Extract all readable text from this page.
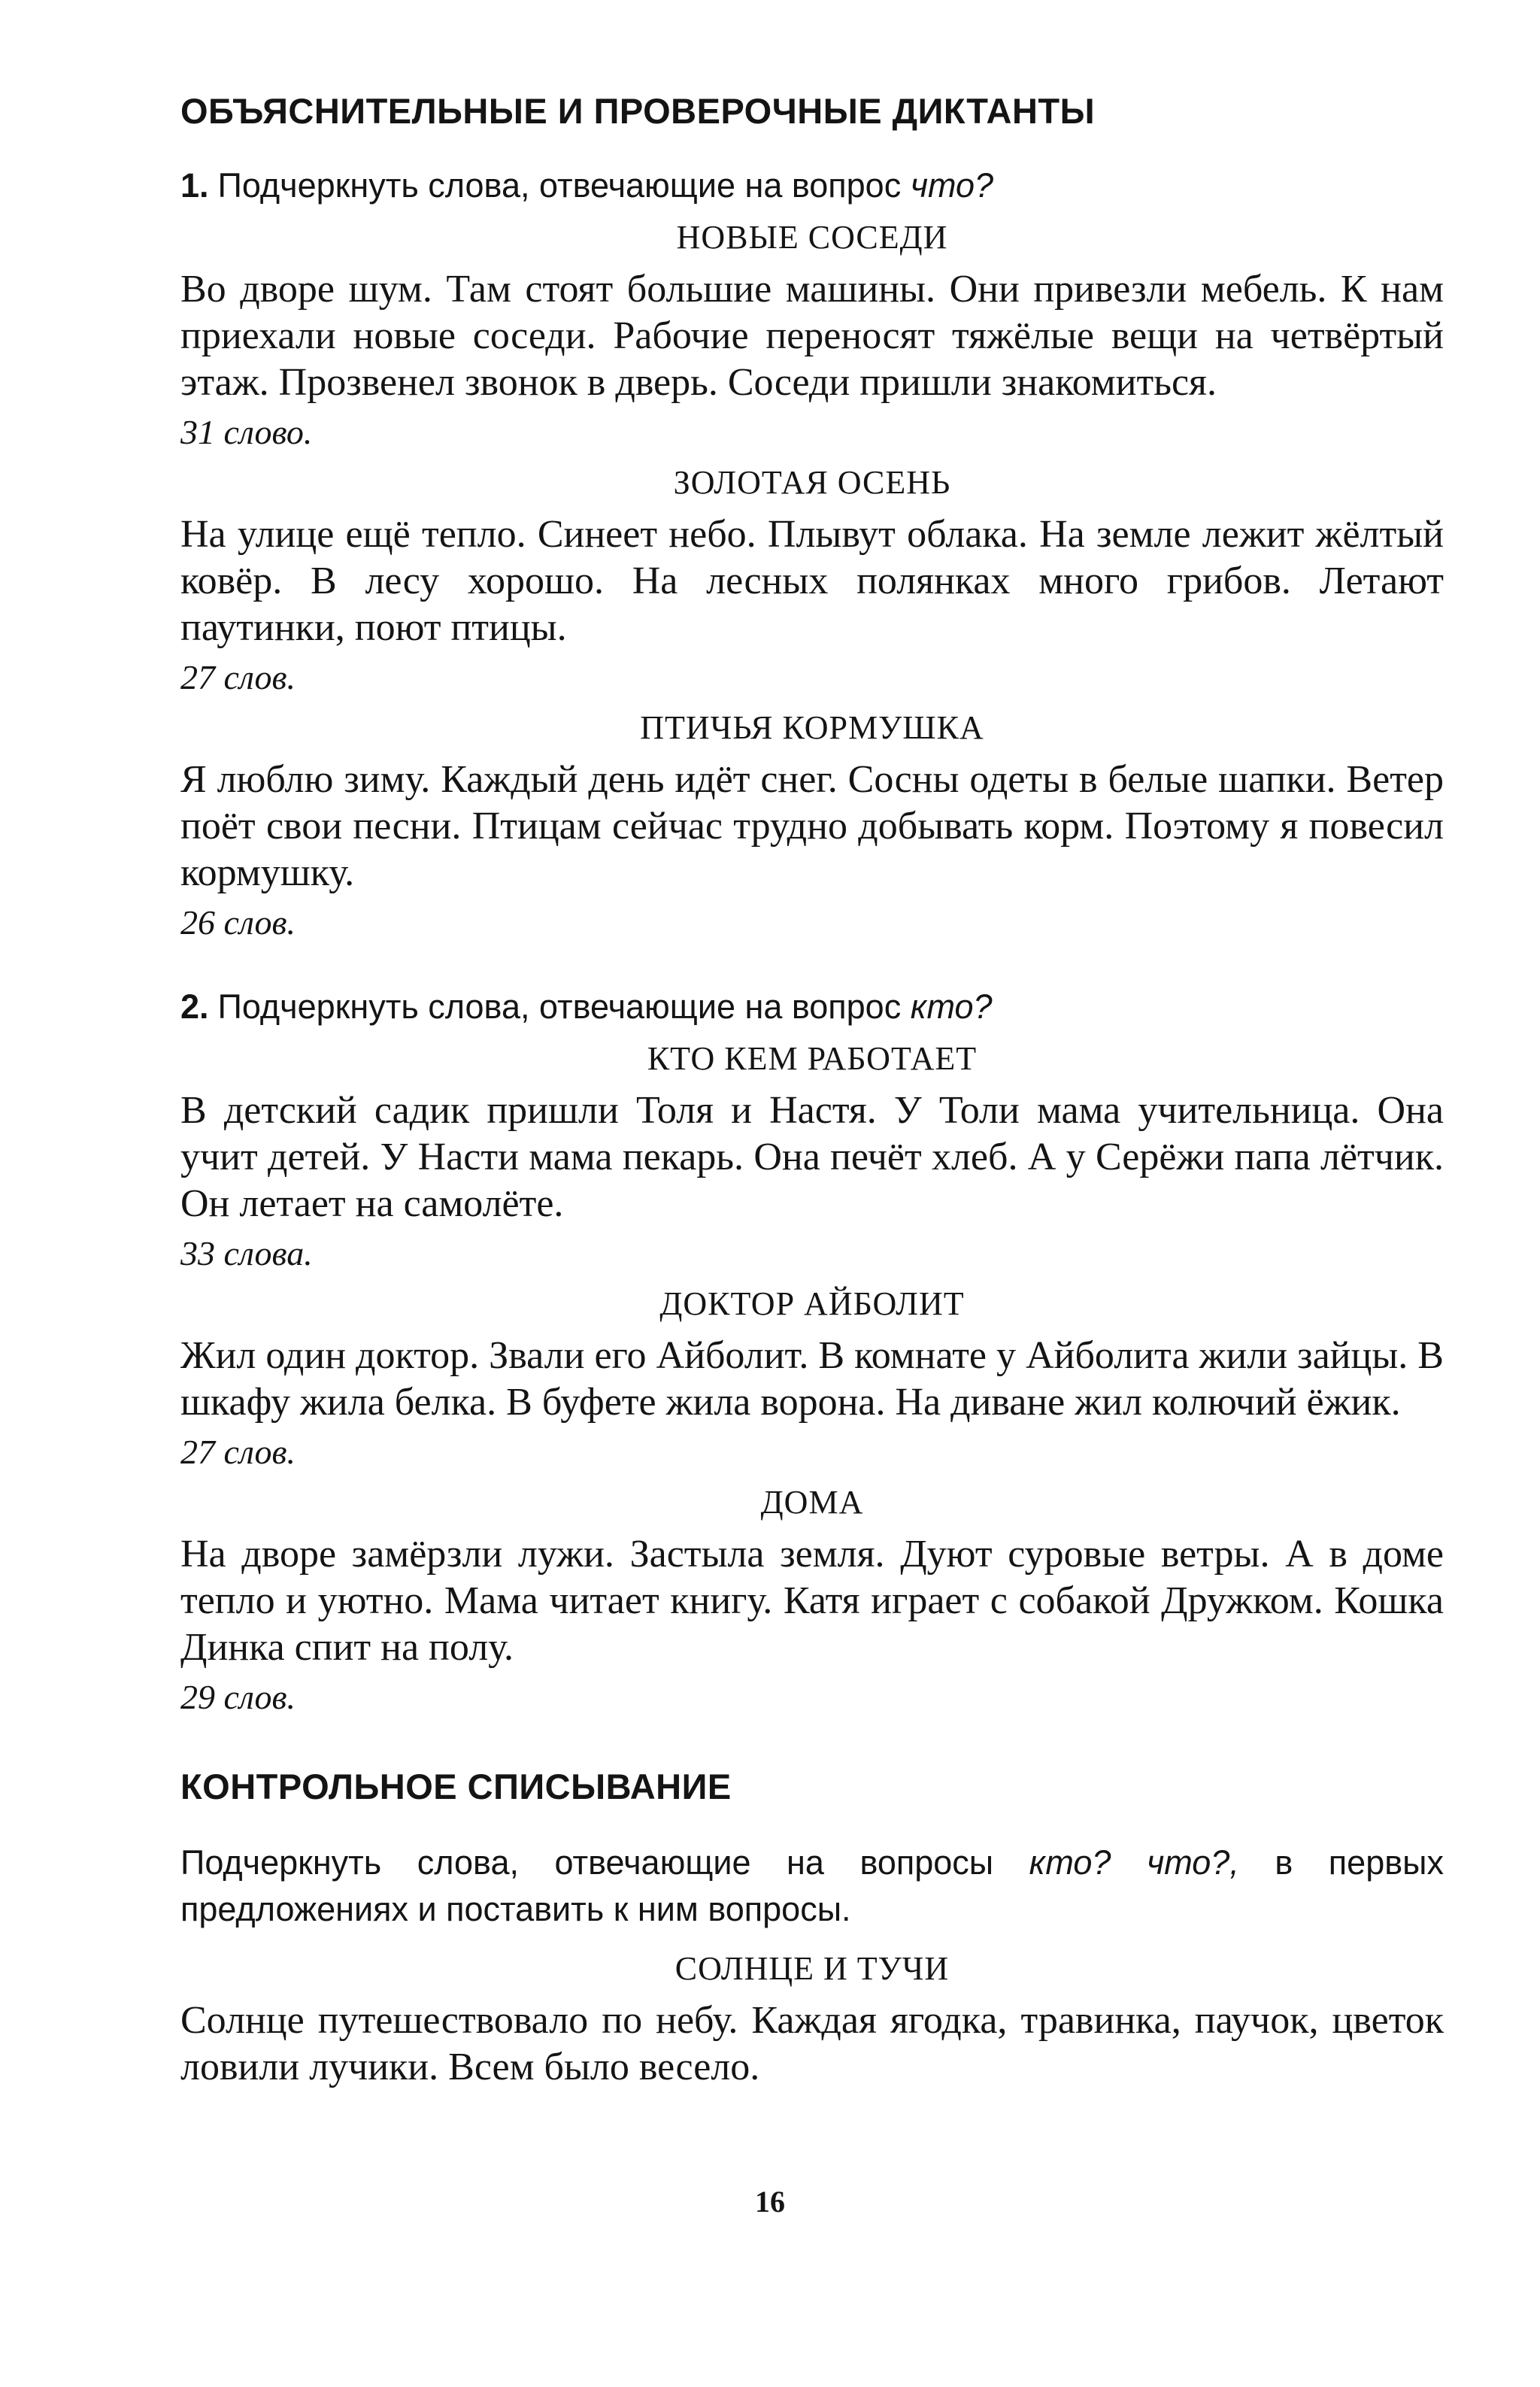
ОБЪЯСНИТЕЛЬНЫЕ И ПРОВЕРОЧНЫЕ ДИКТАНТЫ

1. Подчеркнуть слова, отвечающие на вопрос что?

НОВЫЕ СОСЕДИ

Во дворе шум. Там стоят большие машины. Они привезли мебель. К нам приехали новые соседи. Рабочие переносят тяжёлые вещи на четвёртый этаж. Прозвенел звонок в дверь. Соседи пришли знакомиться.

31 слово.
ЗОЛОТАЯ ОСЕНЬ

На улице ещё тепло. Синеет небо. Плывут облака. На земле лежит жёлтый ковёр. В лесу хорошо. На лесных полянках много грибов. Летают паутинки, поют птицы.

27 слов.
ПТИЧЬЯ КОРМУШКА

Я люблю зиму. Каждый день идёт снег. Сосны одеты в белые шапки. Ветер поёт свои песни. Птицам сейчас трудно добывать корм. Поэтому я повесил кормушку.

26 слов.

2. Подчеркнуть слова, отвечающие на вопрос кто?

КТО КЕМ РАБОТАЕТ

В детский садик пришли Толя и Настя. У Толи мама учительница. Она учит детей. У Насти мама пекарь. Она печёт хлеб. А у Серёжи папа лётчик. Он летает на самолёте.

33 слова.
ДОКТОР АЙБОЛИТ

Жил один доктор. Звали его Айболит. В комнате у Айболита жили зайцы. В шкафу жила белка. В буфете жила ворона. На диване жил колючий ёжик.

27 слов.
ДОМА

На дворе замёрзли лужи. Застыла земля. Дуют суровые ветры. А в доме тепло и уютно. Мама читает книгу. Катя играет с собакой Дружком. Кошка Динка спит на полу.

29 слов.
КОНТРОЛЬНОЕ СПИСЫВАНИЕ

Подчеркнуть слова, отвечающие на вопросы кто? что?, в первых предложениях и поставить к ним вопросы.

СОЛНЦЕ И ТУЧИ

Солнце путешествовало по небу. Каждая ягодка, травинка, паучок, цветок ловили лучики. Всем было весело.

16
